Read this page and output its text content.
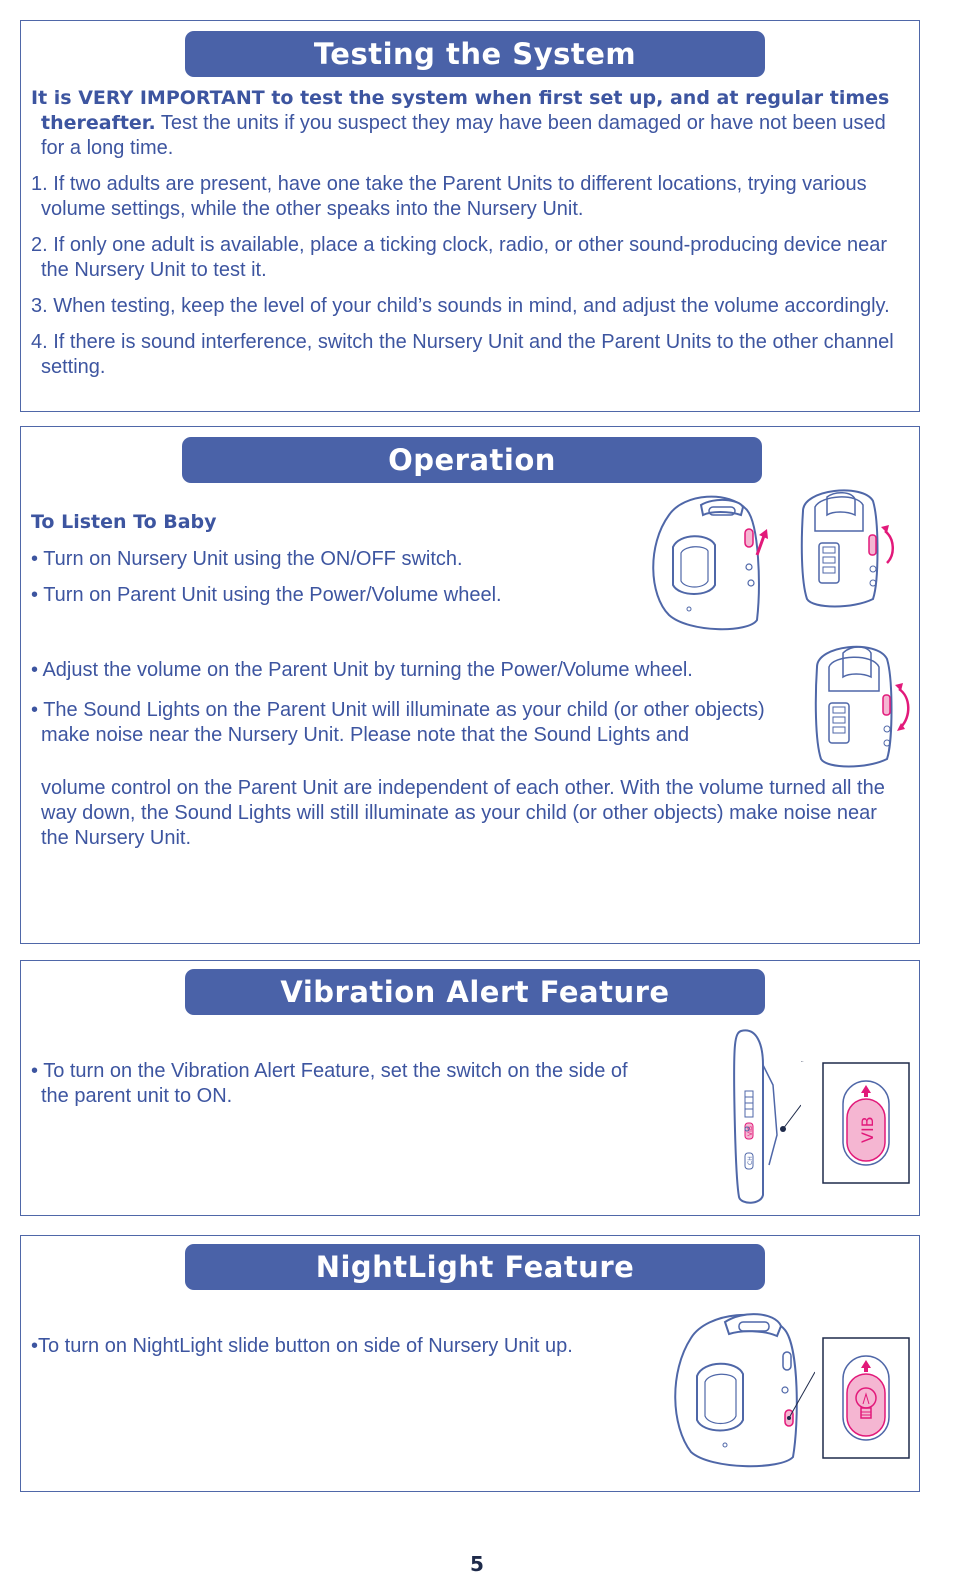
Testing the System

It is VERY IMPORTANT to test the system when first set up, and at regular times thereafter. Test the units if you suspect they may have been damaged or have not been used for a long time.

1. If two adults are present, have one take the Parent Units to different locations, trying various volume settings, while the other speaks into the Nursery Unit.

2. If only one adult is available, place a ticking clock, radio, or other sound-producing device near the Nursery Unit to test it.

3. When testing, keep the level of your child’s sounds in mind, and adjust the volume accordingly.

4. If there is sound interference, switch the Nursery Unit and the Parent Units to the other channel setting.

Operation
To Listen To Baby
• Turn on Nursery Unit using the ON/OFF switch.
• Turn on Parent Unit using the Power/Volume wheel.
• Adjust the volume on the Parent Unit by turning the Power/Volume wheel.
• The Sound Lights on the Parent Unit will illuminate as your child (or other objects) make noise near the Nursery Unit. Please note that the Sound Lights and
volume control on the Parent Unit are independent of each other. With the volume turned all the way down, the Sound Lights will still illuminate as your child (or other objects) make noise near the Nursery Unit.
Vibration Alert Feature
• To turn on the Vibration Alert Feature, set the switch on the side of the parent unit to ON.
VIB
CH
VIB
NightLight Feature
•To turn on NightLight slide button on side of Nursery Unit up.
5
